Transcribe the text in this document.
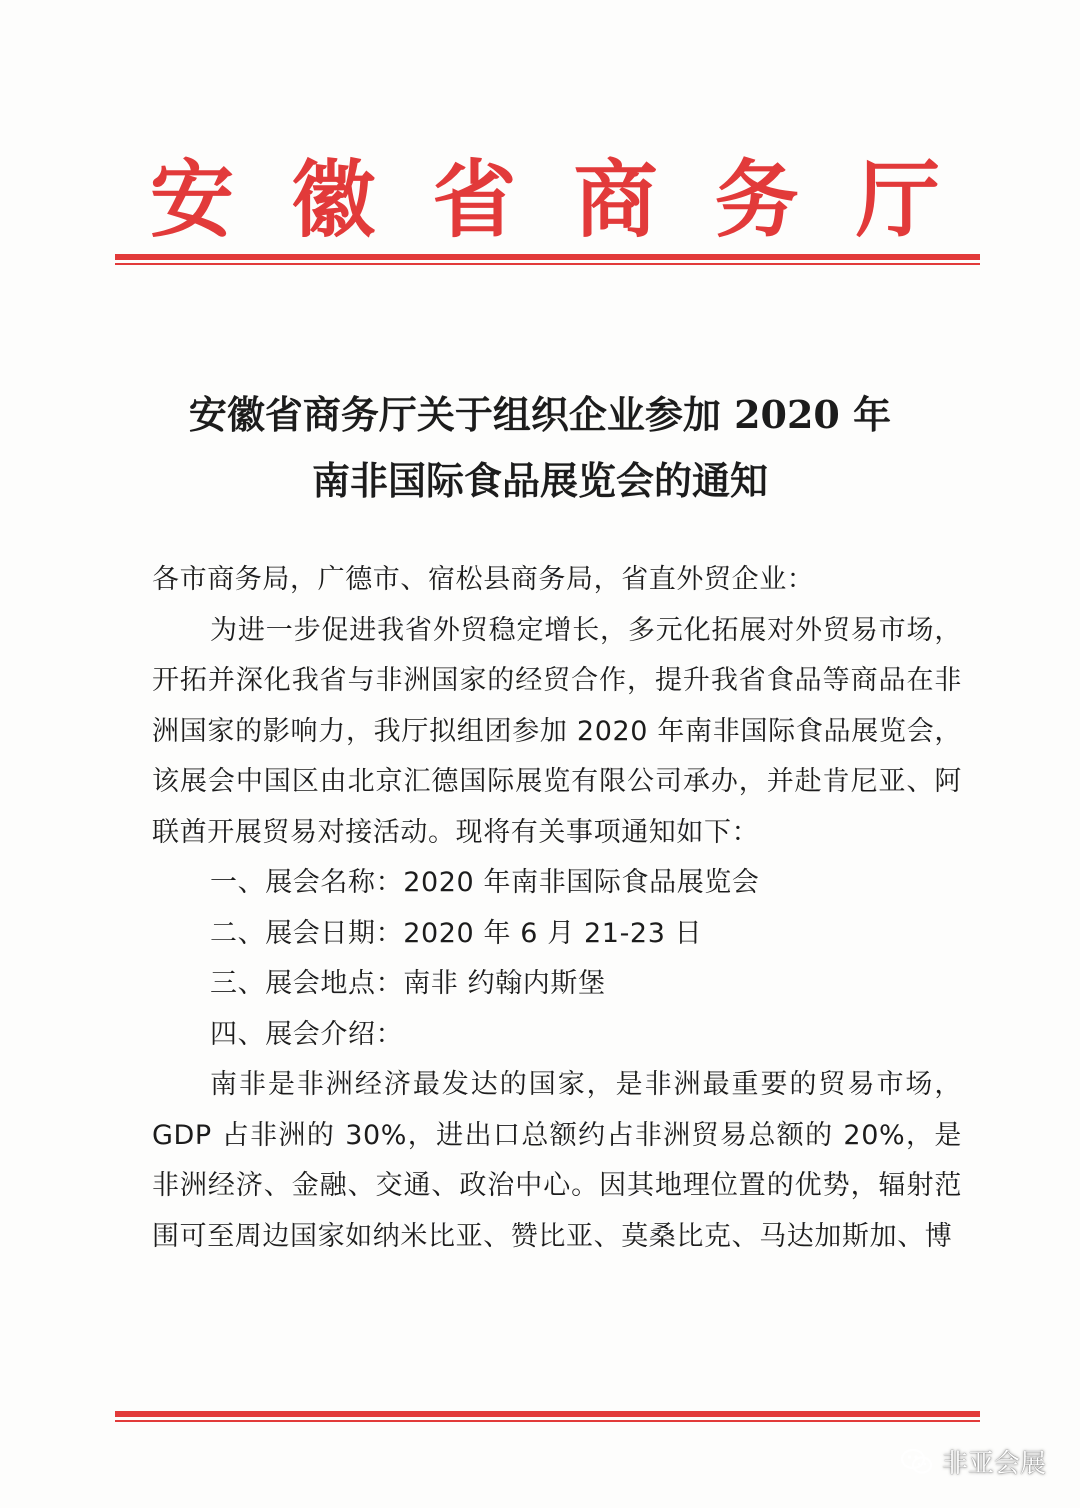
安 徽 省 商 务 厅
安徽省商务厅关于组织企业参加 2020 年
南非国际食品展览会的通知

各市商务局，广德市、宿松县商务局，省直外贸企业：

为进一步促进我省外贸稳定增长，多元化拓展对外贸易市场，开拓并深化我省与非洲国家的经贸合作，提升我省食品等商品在非洲国家的影响力，我厅拟组团参加 2020 年南非国际食品展览会，该展会中国区由北京汇德国际展览有限公司承办，并赴肯尼亚、阿联酋开展贸易对接活动。现将有关事项通知如下：

一、展会名称：2020 年南非国际食品展览会

二、展会日期：2020 年 6 月 21-23 日

三、展会地点：南非 约翰内斯堡

四、展会介绍：

南非是非洲经济最发达的国家，是非洲最重要的贸易市场，GDP 占非洲的 30%，进出口总额约占非洲贸易总额的 20%，是非洲经济、金融、交通、政治中心。因其地理位置的优势，辐射范围可至周边国家如纳米比亚、赞比亚、莫桑比克、马达加斯加、博

非亚会展
